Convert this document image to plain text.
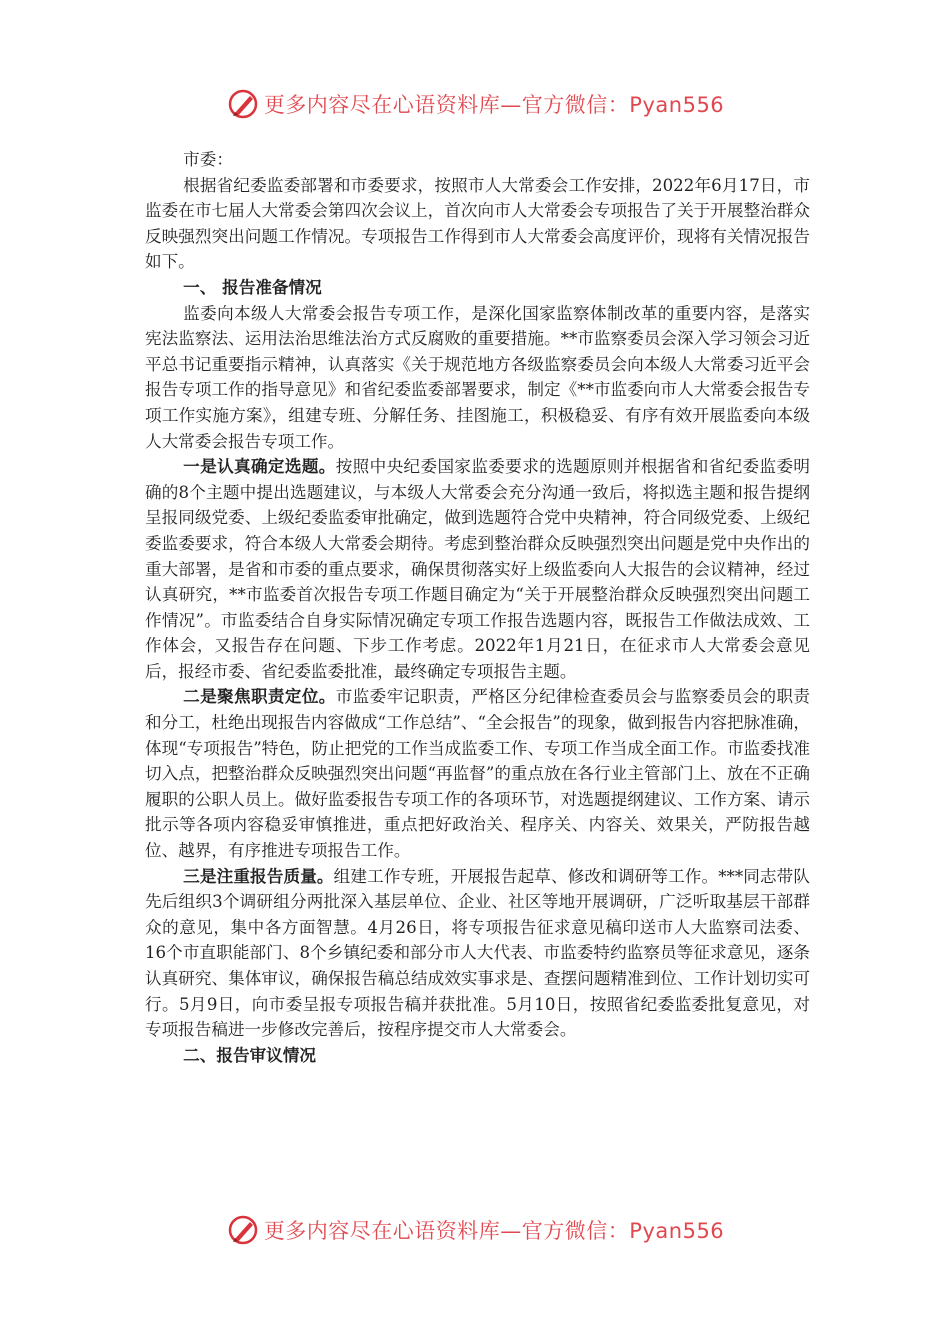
更多内容尽在心语资料库—官方微信：Pyan556

市委：

根据省纪委监委部署和市委要求，按照市人大常委会工作安排，2022年6月17日，市监委在市七届人大常委会第四次会议上，首次向市人大常委会专项报告了关于开展整治群众反映强烈突出问题工作情况。专项报告工作得到市人大常委会高度评价，现将有关情况报告如下。

一、 报告准备情况

监委向本级人大常委会报告专项工作，是深化国家监察体制改革的重要内容，是落实宪法监察法、运用法治思维法治方式反腐败的重要措施。**市监察委员会深入学习领会习近平总书记重要指示精神，认真落实《关于规范地方各级监察委员会向本级人大常委习近平会报告专项工作的指导意见》和省纪委监委部署要求，制定《**市监委向市人大常委会报告专项工作实施方案》，组建专班、分解任务、挂图施工，积极稳妥、有序有效开展监委向本级人大常委会报告专项工作。

一是认真确定选题。按照中央纪委国家监委要求的选题原则并根据省和省纪委监委明确的8个主题中提出选题建议，与本级人大常委会充分沟通一致后，将拟选主题和报告提纲呈报同级党委、上级纪委监委审批确定，做到选题符合党中央精神，符合同级党委、上级纪委监委要求，符合本级人大常委会期待。考虑到整治群众反映强烈突出问题是党中央作出的重大部署，是省和市委的重点要求，确保贯彻落实好上级监委向人大报告的会议精神，经过认真研究，**市监委首次报告专项工作题目确定为“关于开展整治群众反映强烈突出问题工作情况”。市监委结合自身实际情况确定专项工作报告选题内容，既报告工作做法成效、工作体会，又报告存在问题、下步工作考虑。2022年1月21日，在征求市人大常委会意见后，报经市委、省纪委监委批准，最终确定专项报告主题。

二是聚焦职责定位。市监委牢记职责，严格区分纪律检查委员会与监察委员会的职责和分工，杜绝出现报告内容做成“工作总结”、“全会报告”的现象，做到报告内容把脉准确，体现“专项报告”特色，防止把党的工作当成监委工作、专项工作当成全面工作。市监委找准切入点，把整治群众反映强烈突出问题“再监督”的重点放在各行业主管部门上、放在不正确履职的公职人员上。做好监委报告专项工作的各项环节，对选题提纲建议、工作方案、请示批示等各项内容稳妥审慎推进，重点把好政治关、程序关、内容关、效果关，严防报告越位、越界，有序推进专项报告工作。

三是注重报告质量。组建工作专班，开展报告起草、修改和调研等工作。***同志带队先后组织3个调研组分两批深入基层单位、企业、社区等地开展调研，广泛听取基层干部群众的意见，集中各方面智慧。4月26日，将专项报告征求意见稿印送市人大监察司法委、16个市直职能部门、8个乡镇纪委和部分市人大代表、市监委特约监察员等征求意见，逐条认真研究、集体审议，确保报告稿总结成效实事求是、查摆问题精准到位、工作计划切实可行。5月9日，向市委呈报专项报告稿并获批准。5月10日，按照省纪委监委批复意见，对专项报告稿进一步修改完善后，按程序提交市人大常委会。

二、报告审议情况

更多内容尽在心语资料库—官方微信：Pyan556
